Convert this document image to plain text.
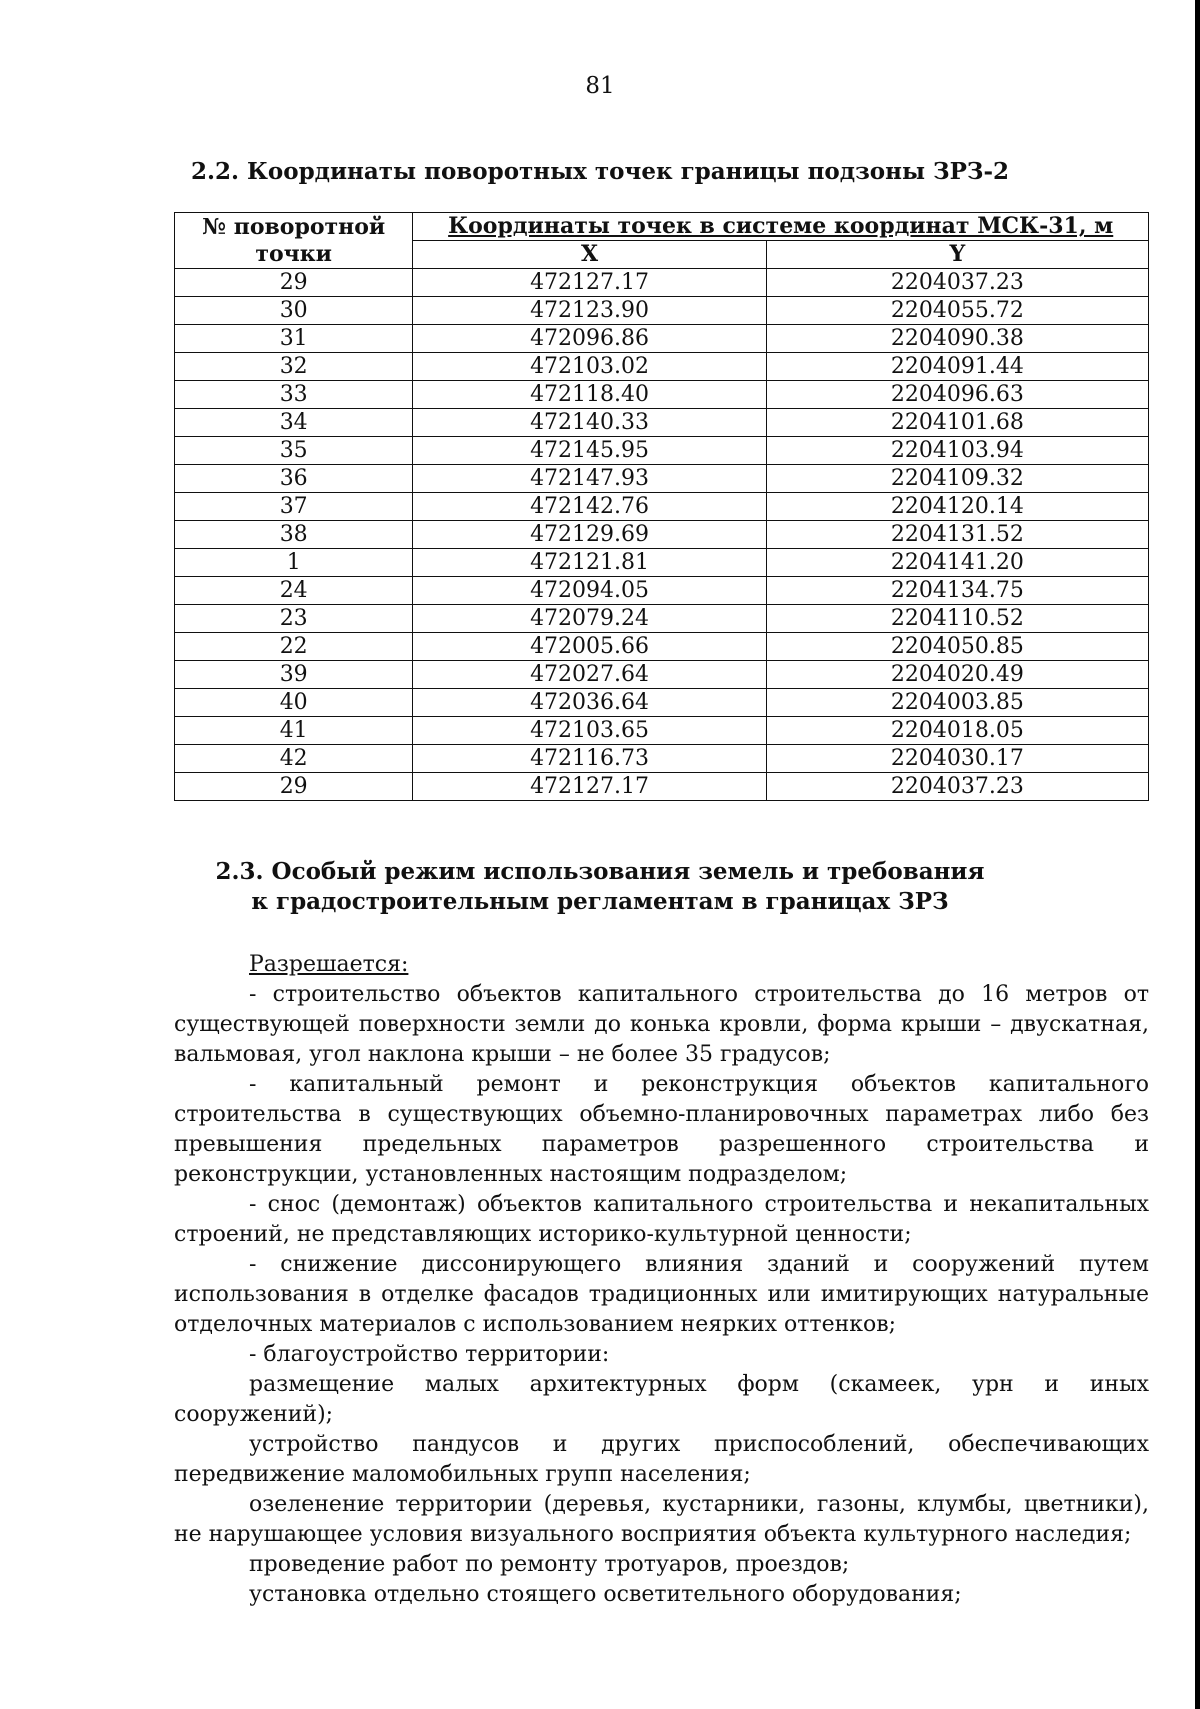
81
2.2. Координаты поворотных точек границы подзоны ЗРЗ-2
№ поворотной
точки	Координаты точек в системе координат МСК-31, м	
	X	Y
29	472127.17	2204037.23
30	472123.90	2204055.72
31	472096.86	2204090.38
32	472103.02	2204091.44
33	472118.40	2204096.63
34	472140.33	2204101.68
35	472145.95	2204103.94
36	472147.93	2204109.32
37	472142.76	2204120.14
38	472129.69	2204131.52
1	472121.81	2204141.20
24	472094.05	2204134.75
23	472079.24	2204110.52
22	472005.66	2204050.85
39	472027.64	2204020.49
40	472036.64	2204003.85
41	472103.65	2204018.05
42	472116.73	2204030.17
29	472127.17	2204037.23
2.3. Особый режим использования земель и требования
к градостроительным регламентам в границах ЗРЗ

Разрешается:

- строительство объектов капитального строительства до 16 метров от существующей поверхности земли до конька кровли, форма крыши – двускатная, вальмовая, угол наклона крыши – не более 35 градусов;

- капитальный ремонт и реконструкция объектов капитального строительства в существующих объемно-планировочных параметрах либо без превышения предельных параметров разрешенного строительства и реконструкции, установленных настоящим подразделом;

- снос (демонтаж) объектов капитального строительства и некапитальных строений, не представляющих историко-культурной ценности;

- снижение диссонирующего влияния зданий и сооружений путем использования в отделке фасадов традиционных или имитирующих натуральные отделочных материалов с использованием неярких оттенков;

- благоустройство территории:

размещение малых архитектурных форм (скамеек, урн и иных сооружений);

устройство пандусов и других приспособлений, обеспечивающих передвижение маломобильных групп населения;

озеленение территории (деревья, кустарники, газоны, клумбы, цветники), не нарушающее условия визуального восприятия объекта культурного наследия;

проведение работ по ремонту тротуаров, проездов;

установка отдельно стоящего осветительного оборудования;
